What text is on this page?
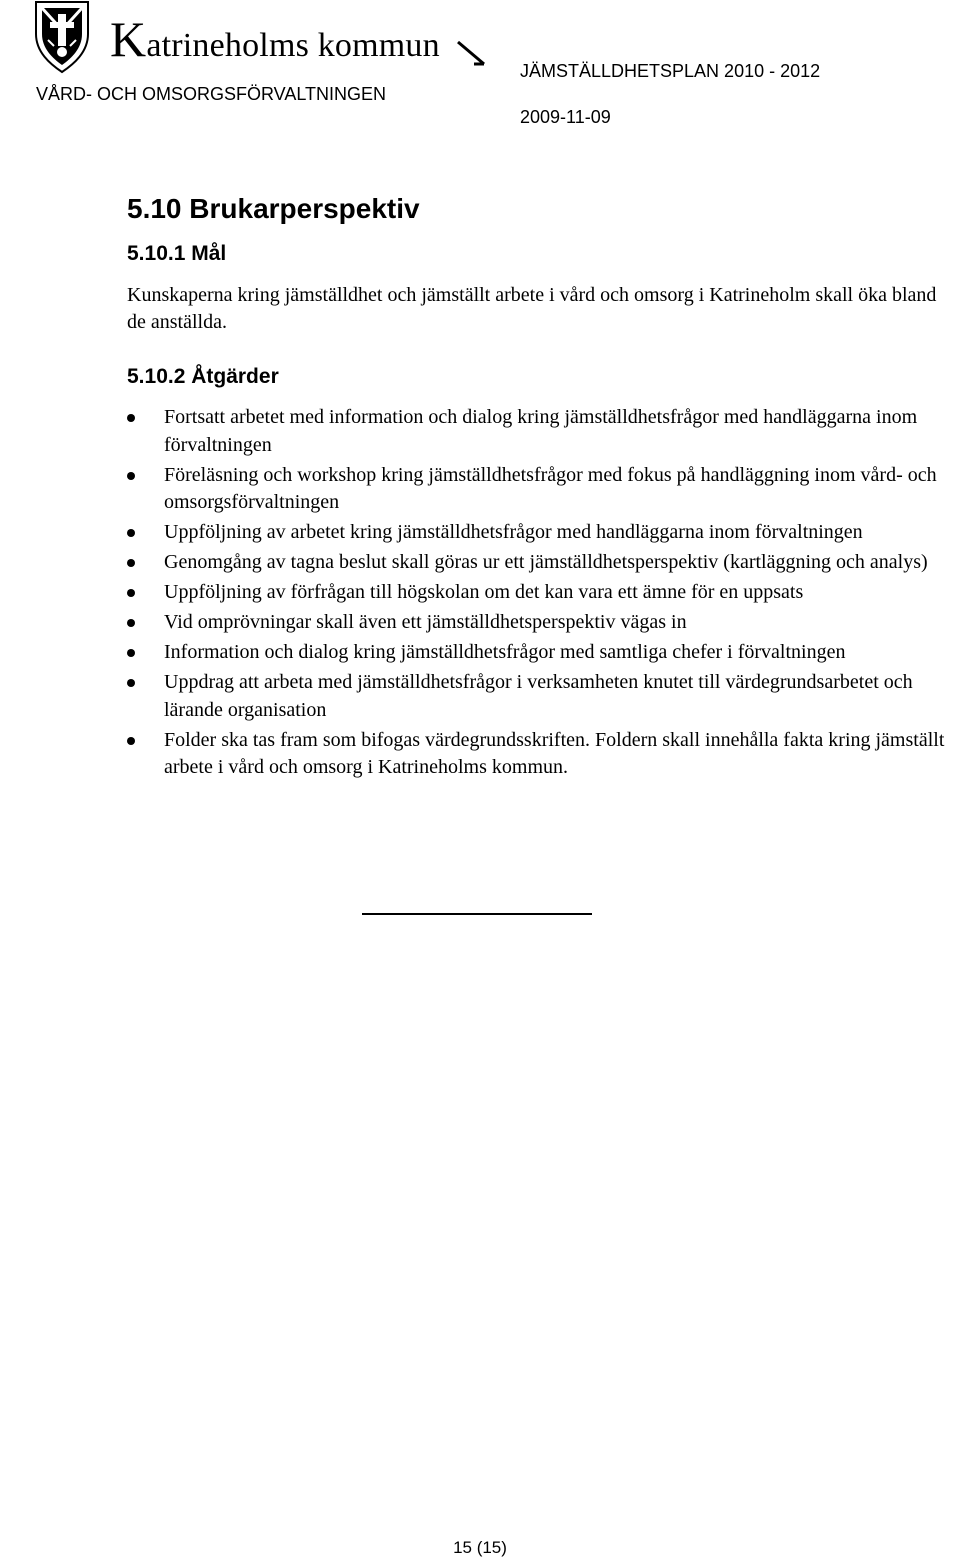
Katrineholms kommun
VÅRD- OCH OMSORGSFÖRVALTNINGEN
JÄMSTÄLLDHETSPLAN 2010 - 2012
2009-11-09
5.10 Brukarperspektiv
5.10.1 Mål

Kunskaperna kring jämställdhet och jämställt arbete i vård och omsorg i Katrineholm skall öka bland de anställda.

5.10.2 Åtgärder
Fortsatt arbetet med information och dialog kring jämställdhetsfrågor med handläggarna inom förvaltningen
Föreläsning och workshop kring jämställdhetsfrågor med fokus på handläggning inom vård- och omsorgsförvaltningen
Uppföljning av arbetet kring jämställdhetsfrågor med handläggarna inom förvaltningen
Genomgång av tagna beslut skall göras ur ett jämställdhetsperspektiv (kartläggning och analys)
Uppföljning av förfrågan till högskolan om det kan vara ett ämne för en uppsats
Vid omprövningar skall även ett jämställdhetsperspektiv vägas in
Information och dialog kring jämställdhetsfrågor med samtliga chefer i förvaltningen
Uppdrag att arbeta med jämställdhetsfrågor i verksamheten knutet till värdegrundsarbetet och lärande organisation
Folder ska tas fram som bifogas värdegrundsskriften. Foldern skall innehålla fakta kring jämställt arbete i vård och omsorg i Katrineholms kommun.
15 (15)
